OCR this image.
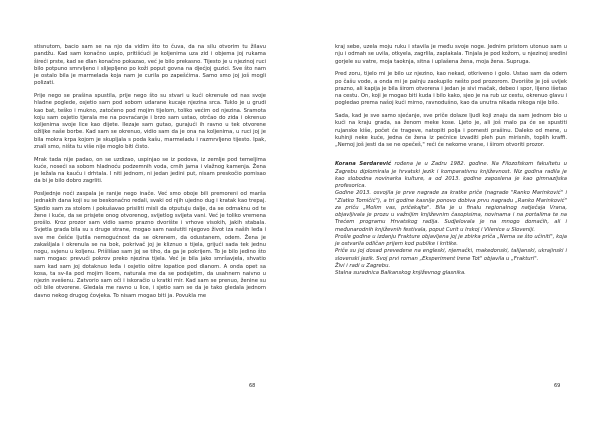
stisnutom, bacio sam se na njo da vidim što to čuva, da na silu otvorim tu žilavu pandžu. Kad sam konačno uspio, pritišćući je koljenima uza zid i objema joj rukama šireći prste, kad se dlan konačno pokazao, već je bilo prekasno. Tijesto je u njezinoj ruci bilo potpuno smrvljeno i slijepljeno po koži poput govna na djećjoj guzici. Sve što nam je ostalo bila je marmelada koja nam je curila po zapešćima. Samo smo joj još mogli polizati.

Prije nego se prašina spustila, prije nego što su stvari u kući okrenule od nas svoje hladne poglede, osjetio sam pod sobom udarane kucaje njezina srca. Tuklo je u grudi kao bat, teško i mukno, zatočeno pod mojim tijelom, toliko većim od njezina. Sramota koju sam osjetio tjerala me na povraćanje i brzo sam ustao, otrčao do zida i okrenuo koljenima svoje lice kao dijete. Ilezaje sam gutao, gurajući ih ravno u tek otvorene ožiljke naše borbe. Kad sam se okrenuo, vidio sam da je ona na koljenima, u ruci joj je bila mokra krpa kojom je skupljala s poda kašu, marmeladu i razmrvljeno tijesto. Ipak, znali smo, ništa tu više nije moglo biti čisto.

Mrak tada nije padao, on se uzdizao, uspinjao se iz podova, iz zemlje pod temeljima kuće, noseći sa sobom hladnoću podzemnih voda, crnih jama i vlažnog kamenja. Žena je ležala na kauču i drhtala. I niti jednom, ni jedan jedini put, nisam preskočio pomisao da bi je bilo dobro zagrliti.

Posljednje noći zaspala je ranije nego inače. Već smo oboje bili premoreni od marša jednakih dana koji su se beskonačno redali, svaki od njih ujedno dug i kratak kao trepaj. Sjedio sam za stolom i pokušavao prisiliti misli da otputuju dalje, da se odmaknu od te žene i kuće, da se prisjete onog otvorenog, svijetlog svijeta vani. Već je toliko vremena prošlo. Kroz prozor sam vidio samo prazno dvorište i vrhove visokih, jakih stabala. Svjetla grada bila su s druge strane, mogao sam naslutiti njegovo život iza naših leđa i sve me češće ljutila nemogućnost da se okrenem, da odustanem, odem. Žena je zakašljala i okrenula se na bok, pokrivač joj je kliznuo s tijela, grijući sada tek jednu nogu, svjenu u koljenu. Prišlišao sam joj se tiho, da ga je pokrijem. To je bilo jedino što sam mogao: prevući pokrov preko njezina tijela. Već je bila jako smršavjela, shvatio sam kad sam joj dotaknuo leđa i osjetio oštre lopatice pod dlanom. A onda opet sa kosa, ta sv-ila pod mojim licem, naturala me da se podsjetim, da usahnem naivno u njezin svešenu. Zatvorio sam oči i iskoračio u kratki mir. Kad sam se prenuo, ženine su oči bile otvorene. Gledala me ravno u lice, i sjetio sam se da je tako gledala jednom davno nekog drugog čovjeka. To nisam mogao biti ja. Povukla me

68

kraj sebe, uzela moju ruku i stavila je među svoje noge. Jednim pristom utonuo sam u nju i odmah se uvila, otkyela, zagrlila, zaplakala. Tinjala je pod kožom, u njezinoj sredini gorjele su vatre, moja taoknja, sitna i uplašena žena, moja žena. Supruga.

Pred zoru, tijelo mi je bilo uz njezino, kao nekad, otkriveno i golo. Ustao sam da odem po čašu vode, a onda mi je palnju zaokupilo nešto pod prozorom. Dvorište je još uvijek prazno, ali kapija je bila širom otvorena i jedan je sivi mačak, debeo i spor, lijeno išetao na cestu. On, koji je mogao biti kuda i bilo kako, sjeo je na rub uz cestu, okrenuo glavu i pogledao prema našoj kući mirno, ravnodušno, kao da unutra nikada nikoga nije bilo.

Sada, kad je sve samo sjećanje, sve priče dolaze ljudi koji znaju da sam jednom bio u kući na kraju grada, sa ženom meke kose. Ljeto je, ali još malo pa će se spustiti rujanske kiše, počet će trageve, natopiti polja i pomesti prašinu. Daleko od mene, u kuhinji neke kuće, jedna će žena iz pećnice izvaditi pleh pun mirisnih, toplih kraffi. „Nemoj još jesti da se ne opečeš," reći će nekome vrane, i širom otvoriti prozor.

Korana Serdarević rođena je u Zadru 1982. godine. Na Filozofskom fakultetu u Zagrebu diplomirala je hrvatski jezik i komparativnu književnost. Niz godina radila je kao slobodna novinarka kulture, a od 2013. godine zaposlena je kao gimnazijska profesorica.

Godine 2013. osvojila je prve nagrade za kratke priče (nagrade "Ranko Marinković" i "Zlatko Tomičić"), a tri godine kasnije ponovo dobiva prvu nagradu „Ranko Marinković" za priču „Molim vas, pričekajte". Bila je u finalu regionalnog natječaja Vrana, objavljivala je prozu u važnijim književnim časopisima, novinama i na portalima te na Trećem programu Hrvatskog radija. Sudjelovala je na mnogo domaćih, ali i međunarodnih književnih festivala, poput Curit u Irskoj i Vilenice u Sloveniji.

Prošle godine u izdanju Frakture objavljena joj je zbirka priča „Nema se što učiniti", koja je ostvarila odličan prijem kod publike i kritike.

Priče su joj dosad prevedene na engleski, njemački, makedonski, talijanski, ukrajinski i slovenski jezik. Svoj prvi roman „Eksperiment Irene Tot" objavila u „Frakturi".

Živi i radi u Zagrebu.

Stalna suradnica Balkanskog književnog glasnika.

69
